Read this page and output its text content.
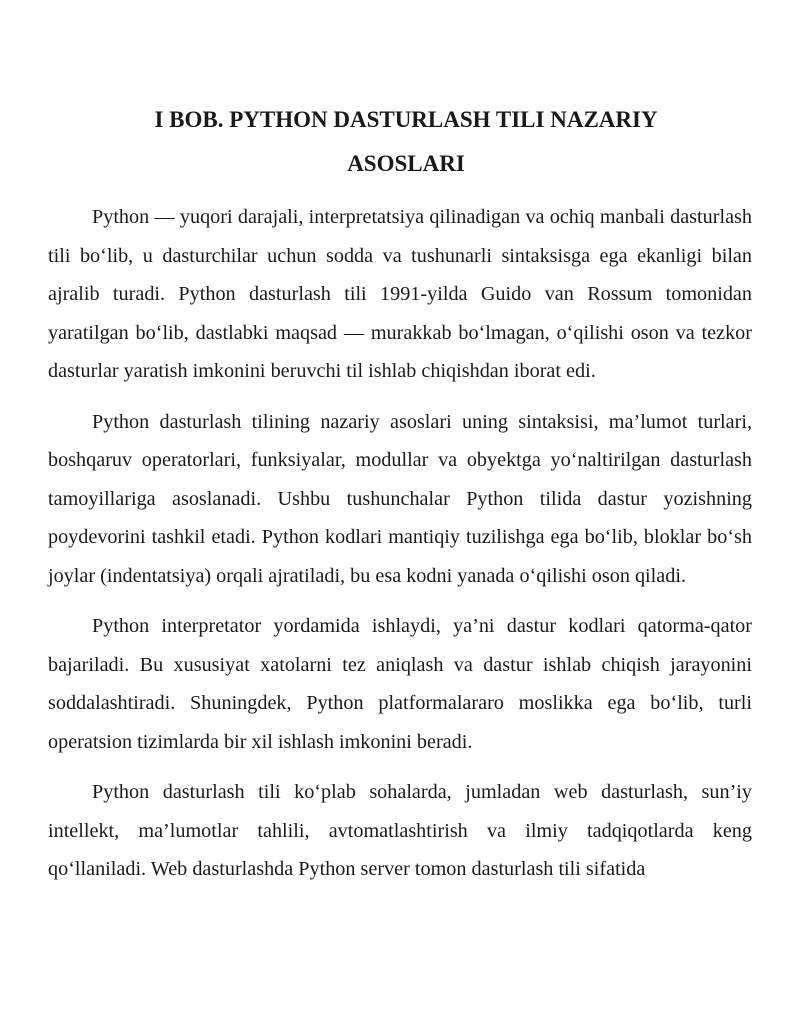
I BOB. PYTHON DASTURLASH TILI NAZARIY
ASOSLARI

Python — yuqori darajali, interpretatsiya qilinadigan va ochiq manbali dasturlash tili bo‘lib, u dasturchilar uchun sodda va tushunarli sintaksisga ega ekanligi bilan ajralib turadi. Python dasturlash tili 1991-yilda Guido van Rossum tomonidan yaratilgan bo‘lib, dastlabki maqsad — murakkab bo‘lmagan, o‘qilishi oson va tezkor dasturlar yaratish imkonini beruvchi til ishlab chiqishdan iborat edi.

Python dasturlash tilining nazariy asoslari uning sintaksisi, ma’lumot turlari, boshqaruv operatorlari, funksiyalar, modullar va obyektga yo‘naltirilgan dasturlash tamoyillariga asoslanadi. Ushbu tushunchalar Python tilida dastur yozishning poydevorini tashkil etadi. Python kodlari mantiqiy tuzilishga ega bo‘lib, bloklar bo‘sh joylar (indentatsiya) orqali ajratiladi, bu esa kodni yanada o‘qilishi oson qiladi.

Python interpretator yordamida ishlaydi, ya’ni dastur kodlari qatorma-qator bajariladi. Bu xususiyat xatolarni tez aniqlash va dastur ishlab chiqish jarayonini soddalashtiradi. Shuningdek, Python platformalararo moslikka ega bo‘lib, turli operatsion tizimlarda bir xil ishlash imkonini beradi.

Python dasturlash tili ko‘plab sohalarda, jumladan web dasturlash, sun’iy intellekt, ma’lumotlar tahlili, avtomatlashtirish va ilmiy tadqiqotlarda keng qo‘llaniladi. Web dasturlashda Python server tomon dasturlash tili sifatida
